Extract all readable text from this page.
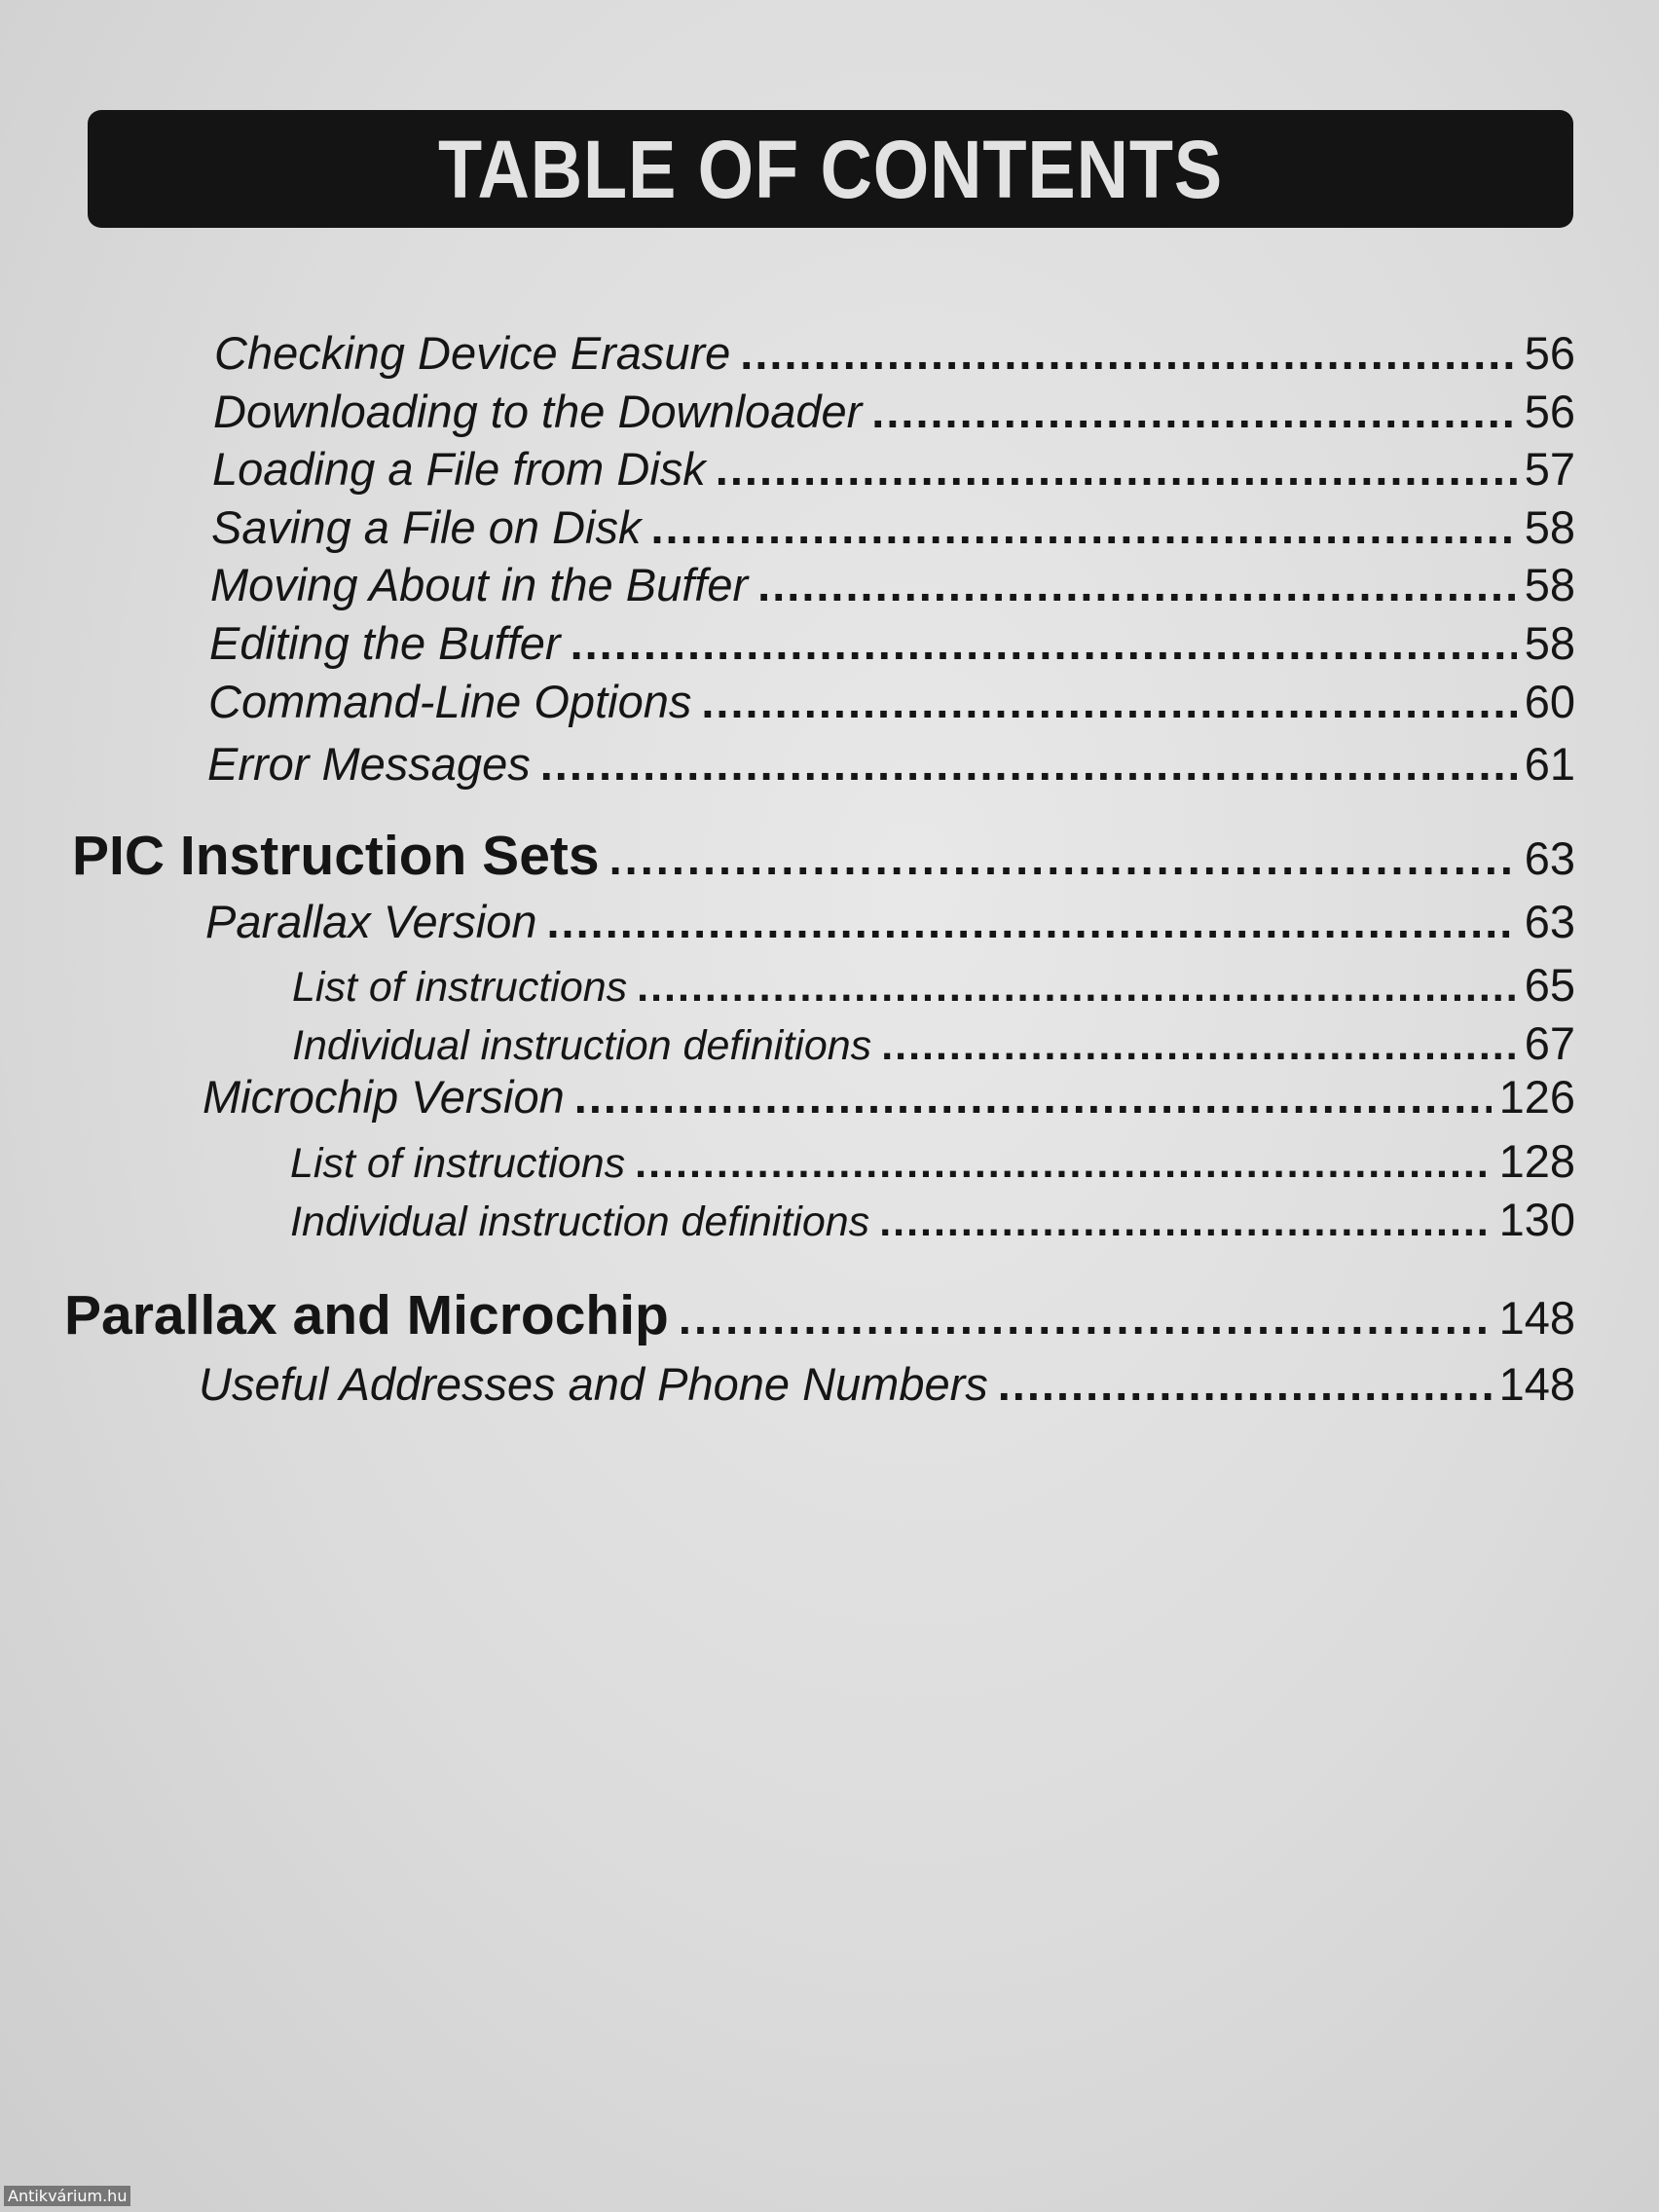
TABLE OF CONTENTS
Checking Device Erasure .....	56
Downloading to the Downloader .....	56
Loading a File from Disk .....	57
Saving a File on Disk .....	58
Moving About in the Buffer .....	58
Editing the Buffer .....	58
Command-Line Options .....	60
Error Messages .....	61
PIC Instruction Sets .....	63
Parallax Version .....	63
List of instructions .....	65
Individual instruction definitions .....	67
Microchip Version .....	126
List of instructions .....	128
Individual instruction definitions .....	130
Parallax and Microchip .....	148
Useful Addresses and Phone Numbers .....	148
Antikvárium.hu
